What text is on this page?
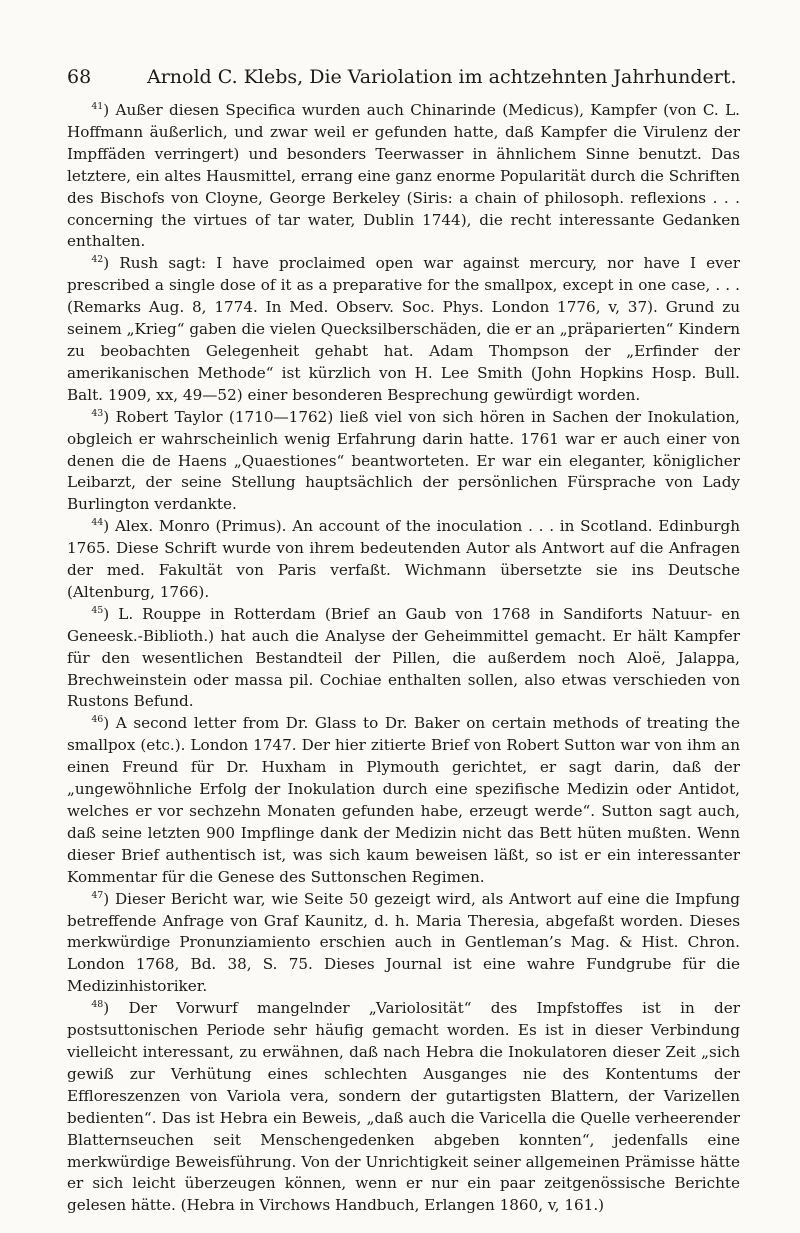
68	Arnold C. Klebs, Die Variolation im achtzehnten Jahrhundert.

$^{41}$) Außer diesen Specifica wurden auch Chinarinde (Medicus), Kampfer (von C. L. Hoffmann äußerlich, und zwar weil er gefunden hatte, daß Kampfer die Virulenz der Impffäden verringert) und besonders Teerwasser in ähnlichem Sinne benutzt. Das letztere, ein altes Hausmittel, errang eine ganz enorme Popularität durch die Schriften des Bischofs von Cloyne, George Berkeley (Siris: a chain of philosoph. reflexions . . . concerning the virtues of tar water, Dublin 1744), die recht interessante Gedanken enthalten.

$^{42}$) Rush sagt: I have proclaimed open war against mercury, nor have I ever prescribed a single dose of it as a preparative for the smallpox, except in one case, . . . (Remarks Aug. 8, 1774. In Med. Observ. Soc. Phys. London 1776, v, 37). Grund zu seinem „Krieg“ gaben die vielen Quecksilberschäden, die er an „präparierten“ Kindern zu beobachten Gelegenheit gehabt hat. Adam Thompson der „Erfinder der amerikanischen Methode“ ist kürzlich von H. Lee Smith (John Hopkins Hosp. Bull. Balt. 1909, xx, 49—52) einer besonderen Besprechung gewürdigt worden.

$^{43}$) Robert Taylor (1710—1762) ließ viel von sich hören in Sachen der Inokulation, obgleich er wahrscheinlich wenig Erfahrung darin hatte. 1761 war er auch einer von denen die de Haens „Quaestiones“ beantworteten. Er war ein eleganter, königlicher Leibarzt, der seine Stellung hauptsächlich der persönlichen Fürsprache von Lady Burlington verdankte.

$^{44}$) Alex. Monro (Primus). An account of the inoculation . . . in Scotland. Edinburgh 1765. Diese Schrift wurde von ihrem bedeutenden Autor als Antwort auf die Anfragen der med. Fakultät von Paris verfaßt. Wichmann übersetzte sie ins Deutsche (Altenburg, 1766).

$^{45}$) L. Rouppe in Rotterdam (Brief an Gaub von 1768 in Sandiforts Natuur- en Geneesk.-Biblioth.) hat auch die Analyse der Geheimmittel gemacht. Er hält Kampfer für den wesentlichen Bestandteil der Pillen, die außerdem noch Aloë, Jalappa, Brechweinstein oder massa pil. Cochiae enthalten sollen, also etwas verschieden von Rustons Befund.

$^{46}$) A second letter from Dr. Glass to Dr. Baker on certain methods of treating the smallpox (etc.). London 1747. Der hier zitierte Brief von Robert Sutton war von ihm an einen Freund für Dr. Huxham in Plymouth gerichtet, er sagt darin, daß der „ungewöhnliche Erfolg der Inokulation durch eine spezifische Medizin oder Antidot, welches er vor sechzehn Monaten gefunden habe, erzeugt werde“. Sutton sagt auch, daß seine letzten 900 Impflinge dank der Medizin nicht das Bett hüten mußten. Wenn dieser Brief authentisch ist, was sich kaum beweisen läßt, so ist er ein interessanter Kommentar für die Genese des Suttonschen Regimen.

$^{47}$) Dieser Bericht war, wie Seite 50 gezeigt wird, als Antwort auf eine die Impfung betreffende Anfrage von Graf Kaunitz, d. h. Maria Theresia, abgefaßt worden. Dieses merkwürdige Pronunziamiento erschien auch in Gentleman’s Mag. & Hist. Chron. London 1768, Bd. 38, S. 75. Dieses Journal ist eine wahre Fundgrube für die Medizinhistoriker.

$^{48}$) Der Vorwurf mangelnder „Variolosität“ des Impfstoffes ist in der postsuttonischen Periode sehr häufig gemacht worden. Es ist in dieser Verbindung vielleicht interessant, zu erwähnen, daß nach Hebra die Inokulatoren dieser Zeit „sich gewiß zur Verhütung eines schlechten Ausganges nie des Kontentums der Effloreszenzen von Variola vera, sondern der gutartigsten Blattern, der Varizellen bedienten“. Das ist Hebra ein Beweis, „daß auch die Varicella die Quelle verheerender Blatternseuchen seit Menschengedenken abgeben konnten“, jedenfalls eine merkwürdige Beweisführung. Von der Unrichtigkeit seiner allgemeinen Prämisse hätte er sich leicht überzeugen können, wenn er nur ein paar zeitgenössische Berichte gelesen hätte. (Hebra in Virchows Handbuch, Erlangen 1860, v, 161.)
